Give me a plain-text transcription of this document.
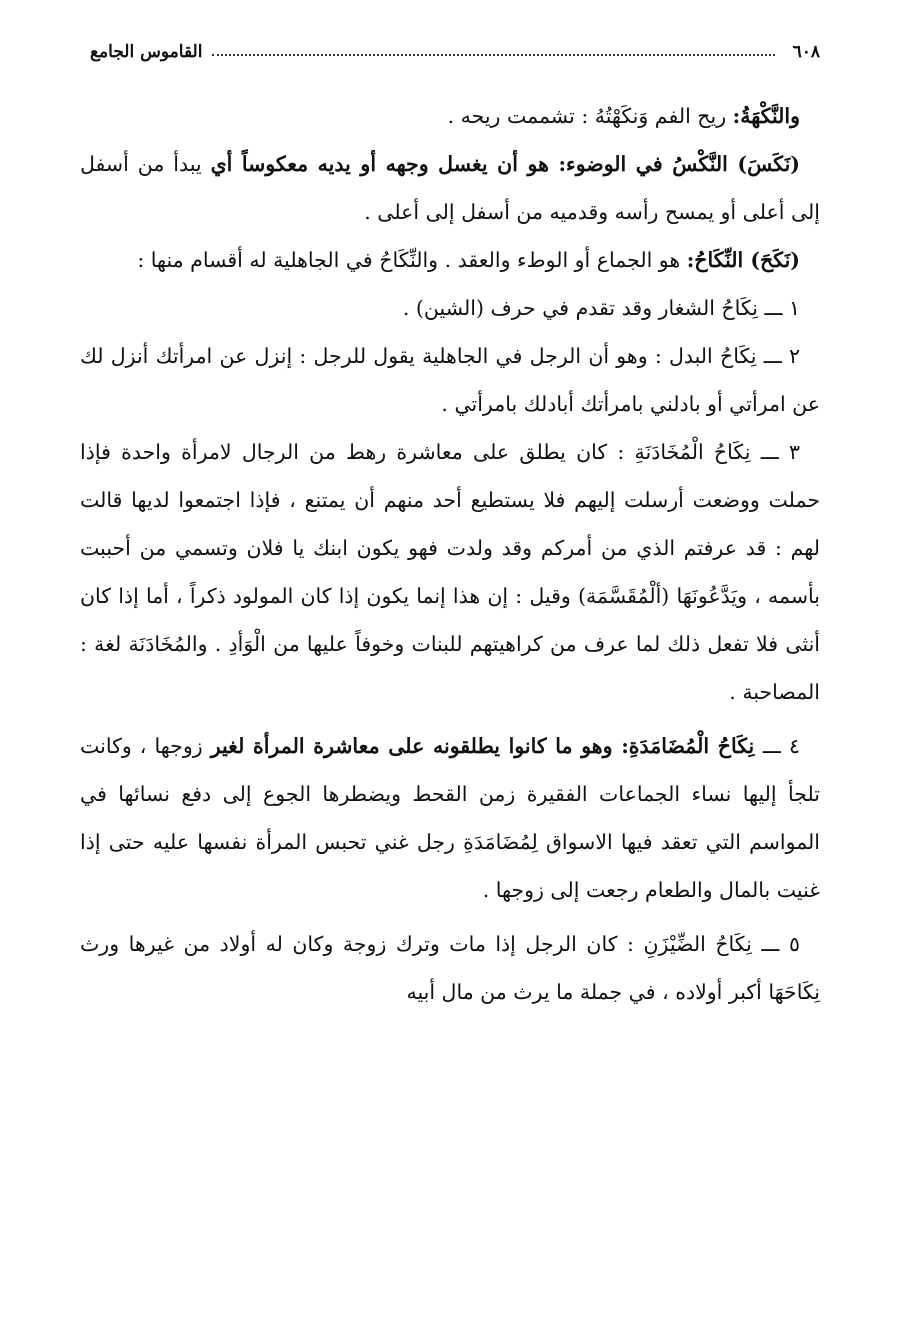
٦٠٨
القاموس الجامع

والنَّكْهَةُ: ريح الفم وَنكَهْتُهُ : تشممت ريحه .

(نَكَسَ) النَّكْسُ في الوضوء: هو أن يغسل وجهه أو يديه معكوساً أي يبدأ من أسفل إلى أعلى أو يمسح رأسه وقدميه من أسفل إلى أعلى .

(نَكَحَ) النِّكَاحُ: هو الجماع أو الوطء والعقد . والنِّكَاحُ في الجاهلية له أقسام منها :

١ ـــ نِكَاحُ الشغار وقد تقدم في حرف (الشين) .

٢ ـــ نِكَاحُ البدل : وهو أن الرجل في الجاهلية يقول للرجل : إنزل عن امرأتك أنزل لك عن امرأتي أو بادلني بامرأتك أبادلك بامرأتي .

٣ ـــ نِكَاحُ الْمُخَادَنَةِ : كان يطلق على معاشرة رهط من الرجال لامرأة واحدة فإذا حملت ووضعت أرسلت إليهم فلا يستطيع أحد منهم أن يمتنع ، فإذا اجتمعوا لديها قالت لهم : قد عرفتم الذي من أمركم وقد ولدت فهو يكون ابنك يا فلان وتسمي من أحببت بأسمه ، ويَدَّعُونَهَا (ألْمُقَسَّمَة) وقيل : إن هذا إنما يكون إذا كان المولود ذكراً ، أما إذا كان أنثى فلا تفعل ذلك لما عرف من كراهيتهم للبنات وخوفاً عليها من الْوَأدِ . والمُخَادَنَة لغة : المصاحبة .

٤ ـــ نِكَاحُ الْمُضَامَدَةِ: وهو ما كانوا يطلقونه على معاشرة المرأة لغير زوجها ، وكانت تلجأ إليها نساء الجماعات الفقيرة زمن القحط ويضطرها الجوع إلى دفع نسائها في المواسم التي تعقد فيها الاسواق لِمُضَامَدَةِ رجل غني تحبس المرأة نفسها عليه حتى إذا غنيت بالمال والطعام رجعت إلى زوجها .

٥ ـــ نِكَاحُ الضِّيْزَنِ : كان الرجل إذا مات وترك زوجة وكان له أولاد من غيرها ورث نِكَاحَهَا أكبر أولاده ، في جملة ما يرث من مال أبيه
